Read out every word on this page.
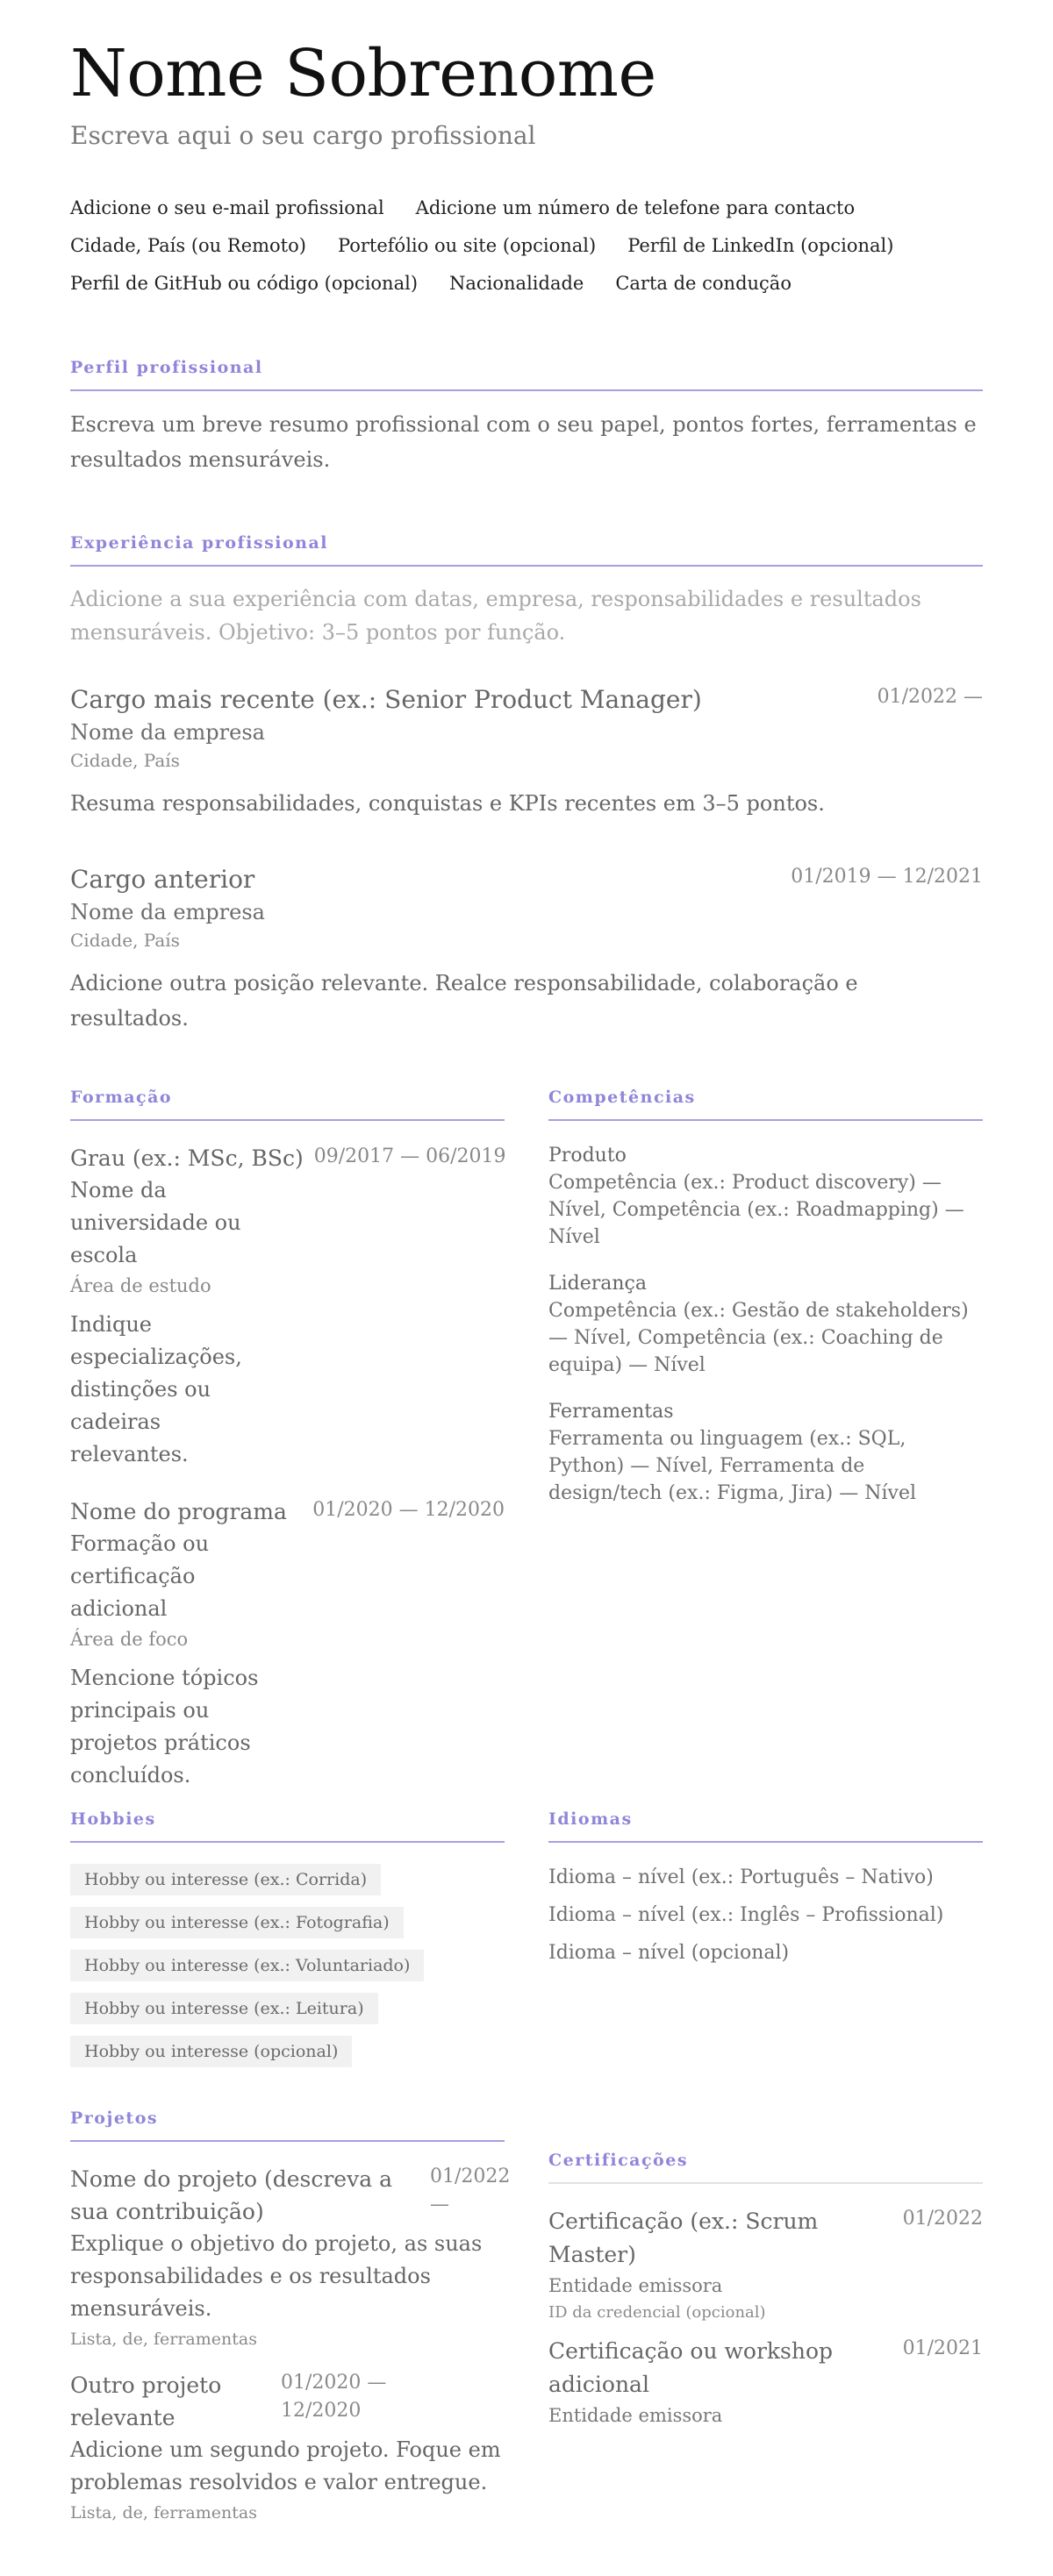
Nome Sobrenome
Escreva aqui o seu cargo profissional
Adicione o seu e-mail profissional Adicione um número de telefone para contacto
Cidade, País (ou Remoto) Portefólio ou site (opcional) Perfil de LinkedIn (opcional)
Perfil de GitHub ou código (opcional) Nacionalidade Carta de condução
Perfil profissional

Escreva um breve resumo profissional com o seu papel, pontos fortes, ferramentas e resultados mensuráveis.

Experiência profissional

Adicione a sua experiência com datas, empresa, responsabilidades e resultados mensuráveis. Objetivo: 3–5 pontos por função.

Cargo mais recente (ex.: Senior Product Manager)	01/2022 —
Nome da empresa
Cidade, País
Resuma responsabilidades, conquistas e KPIs recentes em 3–5 pontos.
Cargo anterior	01/2019 — 12/2021
Nome da empresa
Cidade, País
Adicione outra posição relevante. Realce responsabilidade, colaboração e resultados.
Formação
Grau (ex.: MSc, BSc)
Nome da universidade ou escola
Área de estudo
Indique especializações, distinções ou cadeiras relevantes.
09/2017 — 06/2019
Nome do programa
Formação ou certificação adicional
Área de foco
Mencione tópicos principais ou projetos práticos concluídos.
01/2020 — 12/2020
Competências
Produto
Competência (ex.: Product discovery) — Nível, Competência (ex.: Roadmapping) — Nível
Liderança
Competência (ex.: Gestão de stakeholders) — Nível, Competência (ex.: Coaching de equipa) — Nível
Ferramentas
Ferramenta ou linguagem (ex.: SQL, Python) — Nível, Ferramenta de design/tech (ex.: Figma, Jira) — Nível
Hobbies
Hobby ou interesse (ex.: Corrida)
Hobby ou interesse (ex.: Fotografia)
Hobby ou interesse (ex.: Voluntariado)
Hobby ou interesse (ex.: Leitura)
Hobby ou interesse (opcional)
Idiomas
Idioma – nível (ex.: Português – Nativo)
Idioma – nível (ex.: Inglês – Profissional)
Idioma – nível (opcional)
Projetos
Nome do projeto (descreva a sua contribuição)
01/2022 —
Explique o objetivo do projeto, as suas responsabilidades e os resultados mensuráveis.
Lista, de, ferramentas
Outro projeto relevante
01/2020 — 12/2020
Adicione um segundo projeto. Foque em problemas resolvidos e valor entregue.
Lista, de, ferramentas
Certificações
Certificação (ex.: Scrum Master)
01/2022
Entidade emissora
ID da credencial (opcional)
Certificação ou workshop adicional
01/2021
Entidade emissora
